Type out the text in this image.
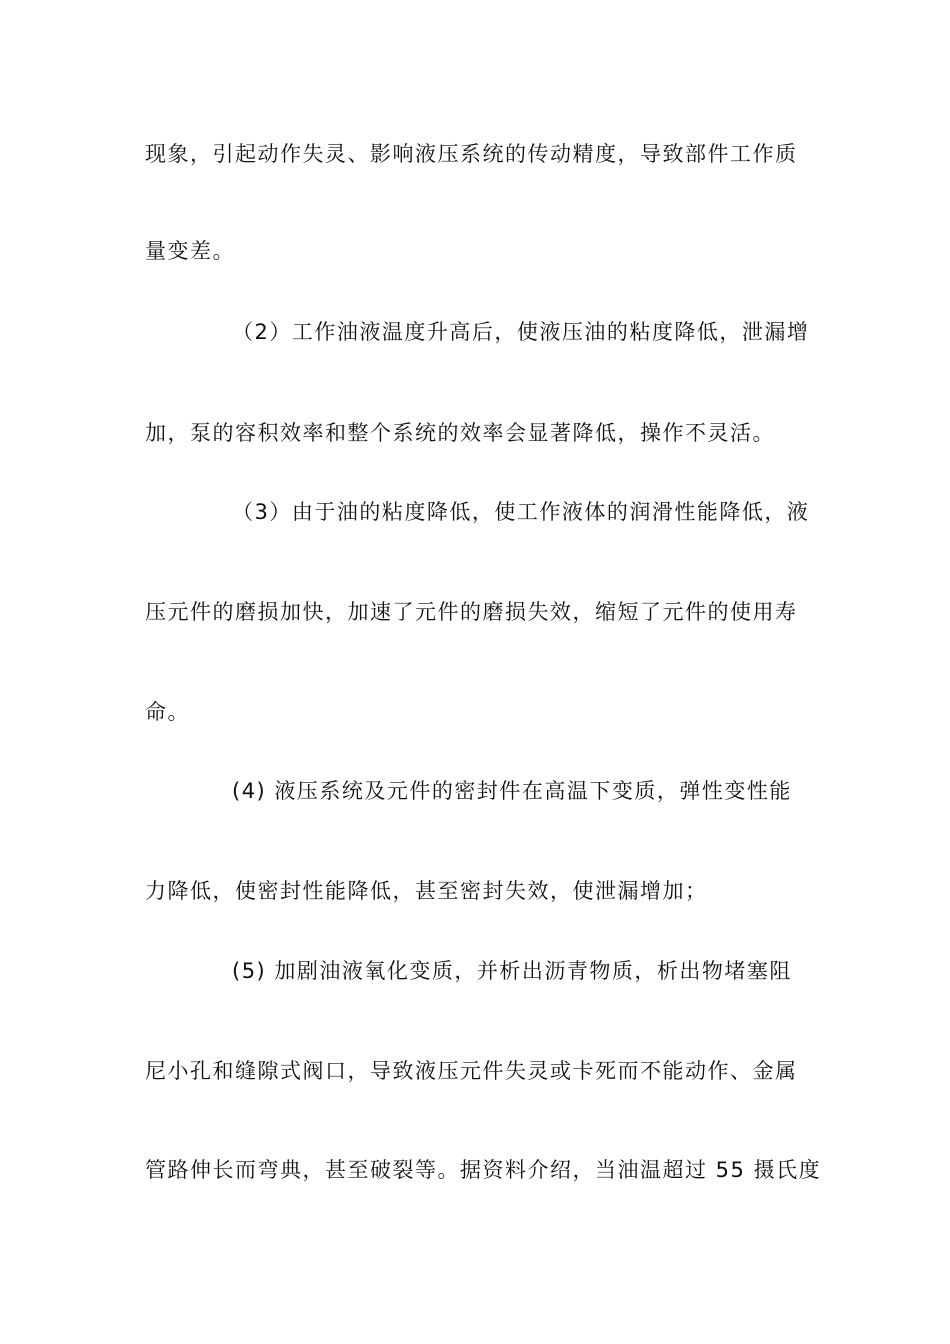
现象，引起动作失灵、影响液压系统的传动精度，导致部件工作质
量变差。
（2）工作油液温度升高后，使液压油的粘度降低，泄漏增
加，泵的容积效率和整个系统的效率会显著降低，操作不灵活。
（3）由于油的粘度降低，使工作液体的润滑性能降低，液
压元件的磨损加快，加速了元件的磨损失效，缩短了元件的使用寿
命。
(4) 液压系统及元件的密封件在高温下变质，弹性变性能
力降低，使密封性能降低，甚至密封失效，使泄漏增加；
(5) 加剧油液氧化变质，并析出沥青物质，析出物堵塞阻
尼小孔和缝隙式阀口，导致液压元件失灵或卡死而不能动作、金属
管路伸长而弯典，甚至破裂等。据资料介绍，当油温超过 55 摄氏度
